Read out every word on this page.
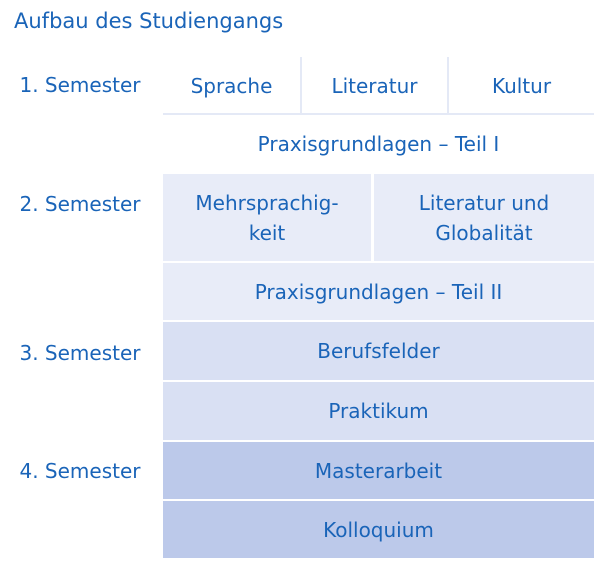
Aufbau des Studiengangs
1. Semester
2. Semester
3. Semester
4. Semester
Sprache	Literatur	Kultur
Praxisgrundlagen – Teil I
Mehrsprachig-
keit
Literatur und
Globalität
Praxisgrundlagen – Teil II
Berufsfelder
Praktikum
Masterarbeit
Kolloquium
